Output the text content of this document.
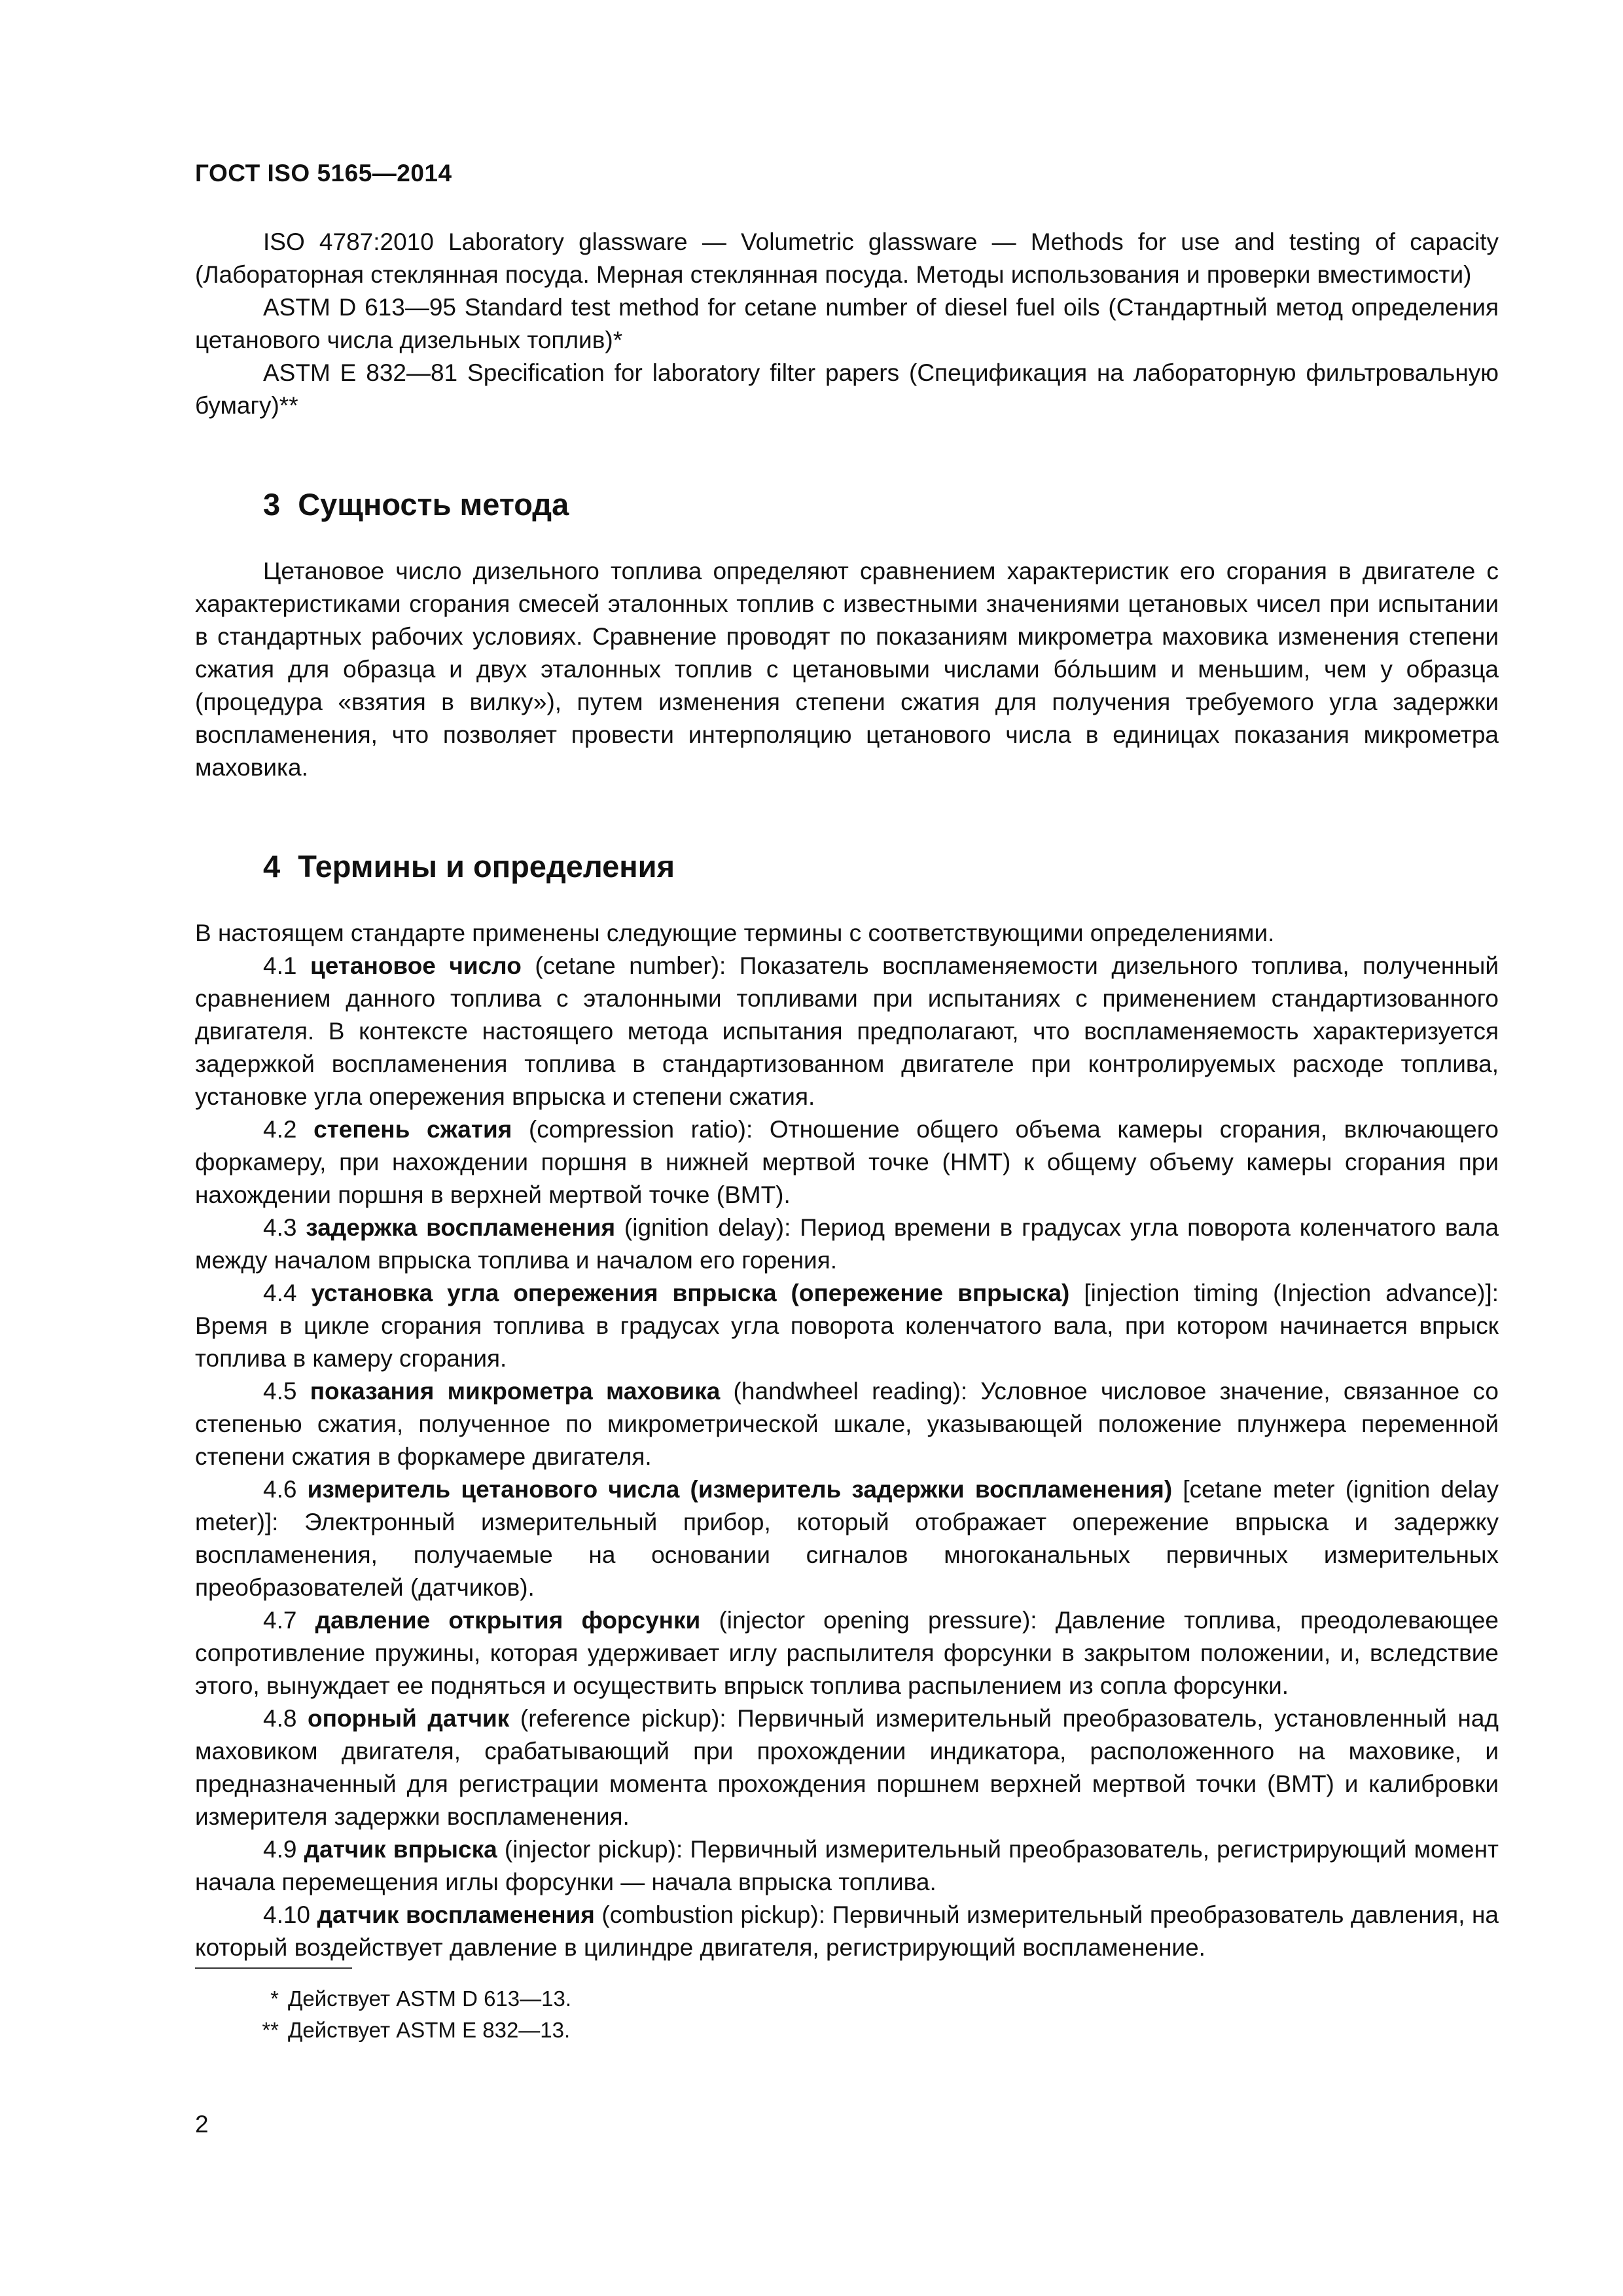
ГОСТ ISO 5165—2014

ISO 4787:2010 Laboratory glassware — Volumetric glassware — Methods for use and testing of capacity (Лабораторная стеклянная посуда. Мерная стеклянная посуда. Методы использования и проверки вместимости)

ASTM D 613—95 Standard test method for cetane number of diesel fuel oils (Стандартный метод определения цетанового числа дизельных топлив)*

ASTM E 832—81 Specification for laboratory filter papers (Спецификация на лабораторную фильтровальную бумагу)**

3 Сущность метода

Цетановое число дизельного топлива определяют сравнением характеристик его сгорания в двигателе с характеристиками сгорания смесей эталонных топлив с известными значениями цетановых чисел при испытании в стандартных рабочих условиях. Сравнение проводят по показаниям микрометра маховика изменения степени сжатия для образца и двух эталонных топлив с цетановыми числами бóльшим и меньшим, чем у образца (процедура «взятия в вилку»), путем изменения степени сжатия для получения требуемого угла задержки воспламенения, что позволяет провести интерполяцию цетанового числа в единицах показания микрометра маховика.

4 Термины и определения

В настоящем стандарте применены следующие термины с соответствующими определениями.

4.1 цетановое число (cetane number): Показатель воспламеняемости дизельного топлива, полученный сравнением данного топлива с эталонными топливами при испытаниях с применением стандартизованного двигателя. В контексте настоящего метода испытания предполагают, что воспламеняемость характеризуется задержкой воспламенения топлива в стандартизованном двигателе при контролируемых расходе топлива, установке угла опережения впрыска и степени сжатия.

4.2 степень сжатия (compression ratio): Отношение общего объема камеры сгорания, включающего форкамеру, при нахождении поршня в нижней мертвой точке (НМТ) к общему объему камеры сгорания при нахождении поршня в верхней мертвой точке (ВМТ).

4.3 задержка воспламенения (ignition delay): Период времени в градусах угла поворота коленчатого вала между началом впрыска топлива и началом его горения.

4.4 установка угла опережения впрыска (опережение впрыска) [injection timing (Injection advance)]: Время в цикле сгорания топлива в градусах угла поворота коленчатого вала, при котором начинается впрыск топлива в камеру сгорания.

4.5 показания микрометра маховика (handwheel reading): Условное числовое значение, связанное со степенью сжатия, полученное по микрометрической шкале, указывающей положение плунжера переменной степени сжатия в форкамере двигателя.

4.6 измеритель цетанового числа (измеритель задержки воспламенения) [cetane meter (ignition delay meter)]: Электронный измерительный прибор, который отображает опережение впрыска и задержку воспламенения, получаемые на основании сигналов многоканальных первичных измерительных преобразователей (датчиков).

4.7 давление открытия форсунки (injector opening pressure): Давление топлива, преодолевающее сопротивление пружины, которая удерживает иглу распылителя форсунки в закрытом положении, и, вследствие этого, вынуждает ее подняться и осуществить впрыск топлива распылением из сопла форсунки.

4.8 опорный датчик (reference pickup): Первичный измерительный преобразователь, установленный над маховиком двигателя, срабатывающий при прохождении индикатора, расположенного на маховике, и предназначенный для регистрации момента прохождения поршнем верхней мертвой точки (ВМТ) и калибровки измерителя задержки воспламенения.

4.9 датчик впрыска (injector pickup): Первичный измерительный преобразователь, регистрирующий момент начала перемещения иглы форсунки — начала впрыска топлива.

4.10 датчик воспламенения (combustion pickup): Первичный измерительный преобразователь давления, на который воздействует давление в цилиндре двигателя, регистрирующий воспламенение.

* Действует ASTM D 613—13.
** Действует ASTM E 832—13.
2
